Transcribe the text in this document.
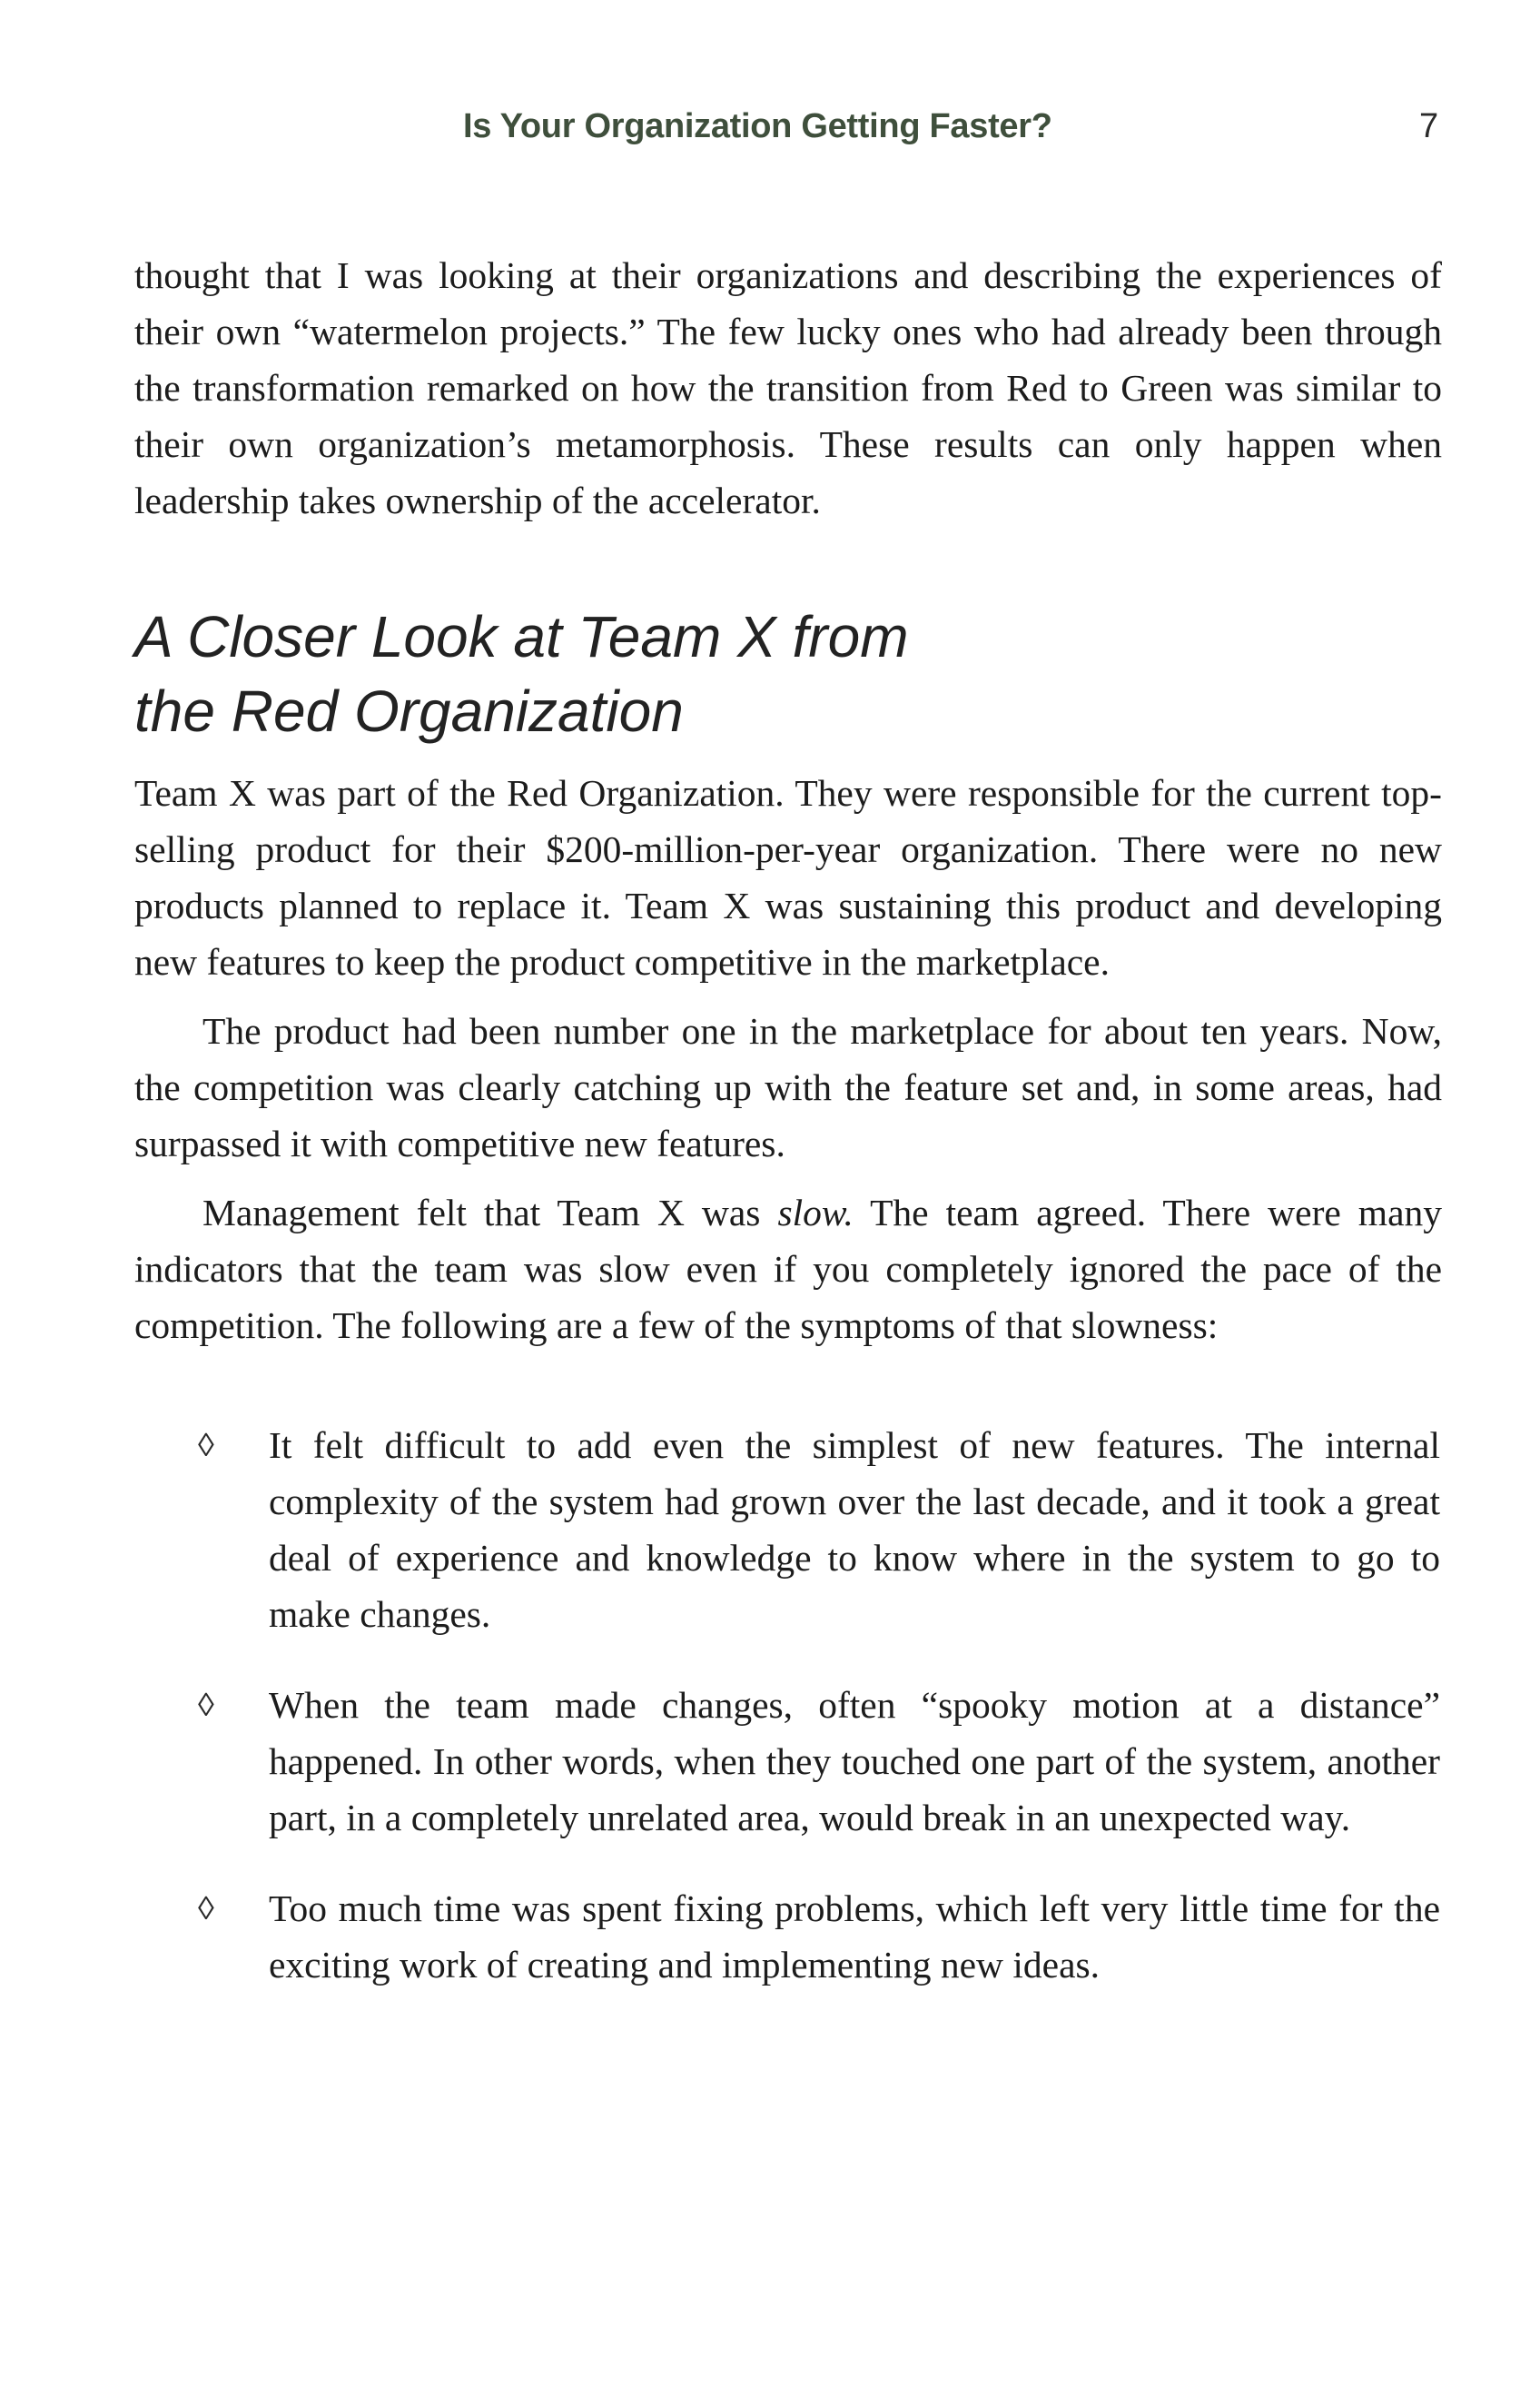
Is Your Organization Getting Faster?	7

thought that I was looking at their organizations and describing the experiences of their own “watermelon projects.” The few lucky ones who had already been through the transformation remarked on how the transition from Red to Green was similar to their own organization’s metamorphosis. These results can only happen when leadership takes ownership of the accelerator.

A Closer Look at Team X from
the Red Organization

Team X was part of the Red Organization. They were responsible for the current top-selling product for their $200-million-per-year organization. There were no new products planned to replace it. Team X was sustaining this product and developing new features to keep the product competitive in the marketplace.

The product had been number one in the marketplace for about ten years. Now, the competition was clearly catching up with the feature set and, in some areas, had surpassed it with competitive new features.

Management felt that Team X was slow. The team agreed. There were many indicators that the team was slow even if you completely ignored the pace of the competition. The following are a few of the symptoms of that slowness:

◊ It felt difficult to add even the simplest of new features. The internal complexity of the system had grown over the last decade, and it took a great deal of experience and knowledge to know where in the system to go to make changes.
◊ When the team made changes, often “spooky motion at a distance” happened. In other words, when they touched one part of the system, another part, in a completely unrelated area, would break in an unexpected way.
◊ Too much time was spent fixing problems, which left very little time for the exciting work of creating and implementing new ideas.
